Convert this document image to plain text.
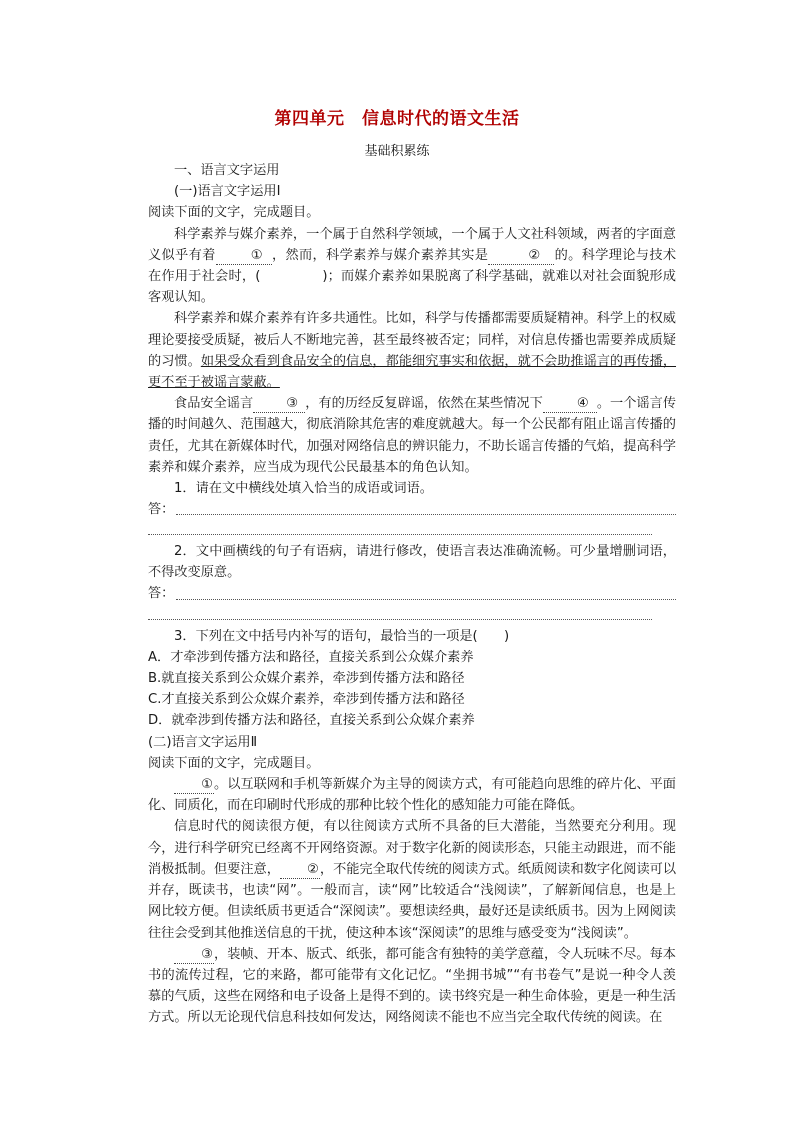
第四单元　信息时代的语文生活
基础积累练

一、语言文字运用

(一)语言文字运用Ⅰ

阅读下面的文字，完成题目。

科学素养与媒介素养，一个属于自然科学领域，一个属于人文社科领域，两者的字面意义似乎有着	① ，然而，科学素养与媒介素养其实是	② 的。科学理论与技术在作用于社会时，(	)；而媒介素养如果脱离了科学基础，就难以对社会面貌形成客观认知。

科学素养和媒介素养有许多共通性。比如，科学与传播都需要质疑精神。科学上的权威理论要接受质疑，被后人不断地完善，甚至最终被否定；同样，对信息传播也需要养成质疑的习惯。如果受众看到食品安全的信息，都能细究事实和依据，就不会助推谣言的再传播，更不至于被谣言蒙蔽。

食品安全谣言	③ ，有的历经反复辟谣，依然在某些情况下	④ 。一个谣言传播的时间越久、范围越大，彻底消除其危害的难度就越大。每一个公民都有阻止谣言传播的责任，尤其在新媒体时代，加强对网络信息的辨识能力，不助长谣言传播的气焰，提高科学素养和媒介素养，应当成为现代公民最基本的角色认知。

1．请在文中横线处填入恰当的成语或词语。

答：

2．文中画横线的句子有语病，请进行修改，使语言表达准确流畅。可少量增删词语，不得改变原意。

答：

3．下列在文中括号内补写的语句，最恰当的一项是(　　)

A．才牵涉到传播方法和路径，直接关系到公众媒介素养

B.就直接关系到公众媒介素养，牵涉到传播方法和路径

C.才直接关系到公众媒介素养，牵涉到传播方法和路径

D．就牵涉到传播方法和路径，直接关系到公众媒介素养

(二)语言文字运用Ⅱ

阅读下面的文字，完成题目。

①。以互联网和手机等新媒介为主导的阅读方式，有可能趋向思维的碎片化、平面化、同质化，而在印刷时代形成的那种比较个性化的感知能力可能在降低。

信息时代的阅读很方便，有以往阅读方式所不具备的巨大潜能，当然要充分利用。现今，进行科学研究已经离不开网络资源。对于数字化新的阅读形态，只能主动跟进，而不能消极抵制。但要注意， ②，不能完全取代传统的阅读方式。纸质阅读和数字化阅读可以并存，既读书，也读“网”。一般而言，读“网”比较适合“浅阅读”，了解新闻信息，也是上网比较方便。但读纸质书更适合“深阅读”。要想读经典，最好还是读纸质书。因为上网阅读往往会受到其他推送信息的干扰，使这种本该“深阅读”的思维与感受变为“浅阅读”。

③，装帧、开本、版式、纸张，都可能含有独特的美学意蕴，令人玩味不尽。每本书的流传过程，它的来路，都可能带有文化记忆。“坐拥书城”“有书卷气”是说一种令人羡慕的气质，这些在网络和电子设备上是得不到的。读书终究是一种生命体验，更是一种生活方式。所以无论现代信息科技如何发达，网络阅读不能也不应当完全取代传统的阅读。在
